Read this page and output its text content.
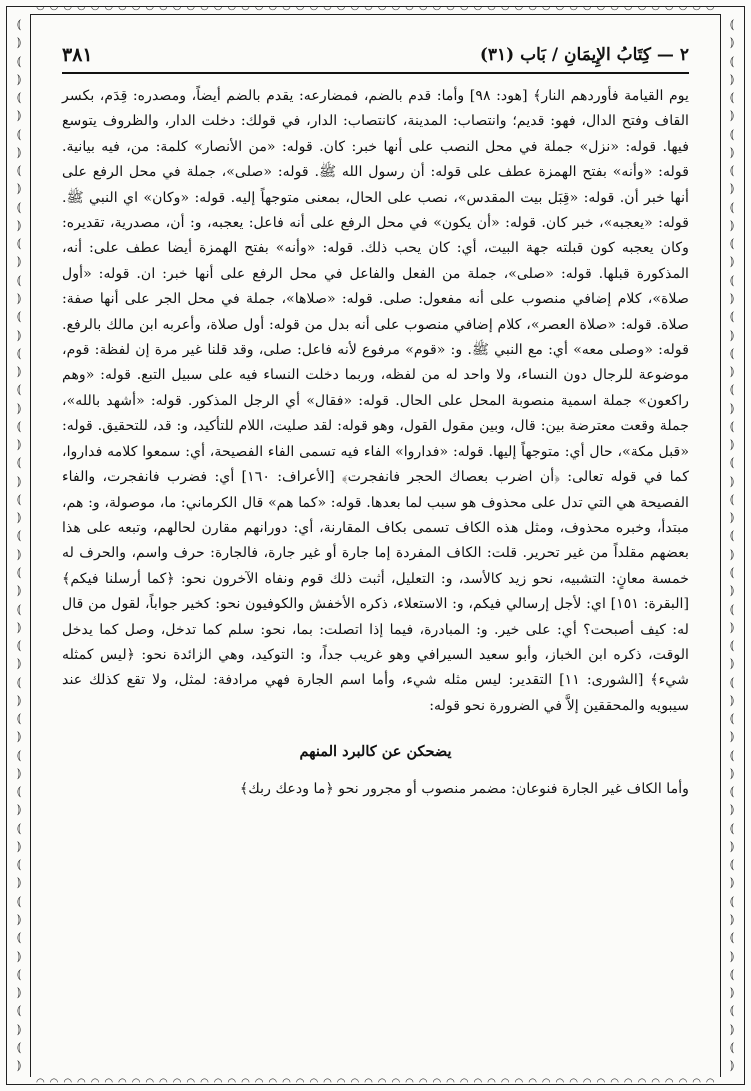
⦅
⦆
⦅
⦆
⦅
⦆
⦅
⦆
⦅
⦆
⦅
⦆
⦅
⦆
⦅
⦆
⦅
⦆
⦅
⦆
⦅
⦆
⦅
⦆
⦅
⦆
⦅
⦆
⦅
⦆
⦅
⦆
⦅
⦆
⦅
⦆
⦅
⦆
⦅
⦆
⦅
⦆
⦅
⦆
⦅
⦆
⦅
⦆
⦅
⦆
⦅
⦆
⦅
⦆
⦅
⦆
⦅
⦆
⦅
⦆
⦅
⦆
⦅
⦆
⦅
⦆
⦅
⦆
⦅
⦆
⦅
⦆
⦅
⦆
⦅
⦆
⦅
⦆
⦅
⦆
⦅
⦆
⦅
⦆
⦅
⦆
⦅
⦆
⦅
⦆
⦅
⦆
⦅
⦆
⦅
⦆
⦅
⦆
⦅
⦆
⦅
⦆
⦅
⦆
⦅
⦆
⦅
⦆
⦅
⦆
⦅
⦆
⦅
⦆
⦅
⦆
◡ ◡ ◡ ◡ ◡ ◡ ◡ ◡ ◡ ◡ ◡ ◡ ◡ ◡ ◡ ◡ ◡ ◡ ◡ ◡ ◡ ◡ ◡ ◡ ◡ ◡ ◡ ◡ ◡ ◡ ◡ ◡ ◡ ◡ ◡ ◡ ◡ ◡ ◡ ◡ ◡ ◡ ◡ ◡ ◡ ◡ ◡ ◡ ◡ ◡
◠ ◠ ◠ ◠ ◠ ◠ ◠ ◠ ◠ ◠ ◠ ◠ ◠ ◠ ◠ ◠ ◠ ◠ ◠ ◠ ◠ ◠ ◠ ◠ ◠ ◠ ◠ ◠ ◠ ◠ ◠ ◠ ◠ ◠ ◠ ◠ ◠ ◠ ◠ ◠ ◠ ◠ ◠ ◠ ◠ ◠ ◠ ◠ ◠ ◠
٣٨١	٢ — كِتَابُ الإِيمَانِ / بَاب (٣١)

يوم القيامة فأوردهم النار﴾ [هود: ٩٨] وأما: قدم بالضم، فمضارعه: يقدم بالضم أيضاً، ومصدره: قِدَم، بكسر القاف وفتح الدال، فهو: قديم؛ وانتصاب: المدينة، كانتصاب: الدار، في قولك: دخلت الدار، والظروف يتوسع فيها. قوله: «نزل» جملة في محل النصب على أنها خبر: كان. قوله: «من الأنصار» كلمة: من، فيه بيانية. قوله: «وأنه» بفتح الهمزة عطف على قوله: أن رسول الله ﷺ. قوله: «صلى»، جملة في محل الرفع على أنها خبر أن. قوله: «قِبَل بيت المقدس»، نصب على الحال، بمعنى متوجهاً إليه. قوله: «وكان» اي النبي ﷺ. قوله: «يعجبه»، خبر كان. قوله: «أن يكون» في محل الرفع على أنه فاعل: يعجبه، و: أن، مصدرية، تقديره: وكان يعجبه كون قبلته جهة البيت، أي: كان يحب ذلك. قوله: «وأنه» بفتح الهمزة أيضا عطف على: أنه، المذكورة قبلها. قوله: «صلى»، جملة من الفعل والفاعل في محل الرفع على أنها خبر: ان. قوله: «أول صلاة»، كلام إضافي منصوب على أنه مفعول: صلى. قوله: «صلاها»، جملة في محل الجر على أنها صفة: صلاة. قوله: «صلاة العصر»، كلام إضافي منصوب على أنه بدل من قوله: أول صلاة، وأعربه ابن مالك بالرفع. قوله: «وصلى معه» أي: مع النبي ﷺ. و: «قوم» مرفوع لأنه فاعل: صلى، وقد قلنا غير مرة إن لفظة: قوم، موضوعة للرجال دون النساء، ولا واحد له من لفظه، وربما دخلت النساء فيه على سبيل التبع. قوله: «وهم راكعون» جملة اسمية منصوبة المحل على الحال. قوله: «فقال» أي الرجل المذكور. قوله: «أشهد بالله»، جملة وقعت معترضة بين: قال، وبين مقول القول، وهو قوله: لقد صليت، اللام للتأكيد، و: قد، للتحقيق. قوله: «قبل مكة»، حال أي: متوجهاً إليها. قوله: «فداروا» الفاء فيه تسمى الفاء الفصيحة، أي: سمعوا كلامه فداروا، كما في قوله تعالى: ﴿أن اضرب بعصاك الحجر فانفجرت﴾ [الأعراف: ١٦٠] أي: فضرب فانفجرت، والفاء الفصيحة هي التي تدل على محذوف هو سبب لما بعدها. قوله: «كما هم» قال الكرماني: ما، موصولة، و: هم، مبتدأ، وخبره محذوف، ومثل هذه الكاف تسمى بكاف المقارنة، أي: دورانهم مقارن لحالهم، وتبعه على هذا بعضهم مقلداً من غير تحرير. قلت: الكاف المفردة إما جارة أو غير جارة، فالجارة: حرف واسم، والحرف له خمسة معانٍ: التشبيه، نحو زيد كالأسد، و: التعليل، أثبت ذلك قوم ونفاه الآخرون نحو: ﴿كما أرسلنا فيكم﴾ [البقرة: ١٥١] اي: لأجل إرسالي فيكم، و: الاستعلاء، ذكره الأخفش والكوفيون نحو: كخير جواباً، لقول من قال له: كيف أصبحت؟ أي: على خير. و: المبادرة، فيما إذا اتصلت: بما، نحو: سلم كما تدخل، وصل كما يدخل الوقت، ذكره ابن الخباز، وأبو سعيد السيرافي وهو غريب جداً، و: التوكيد، وهي الزائدة نحو: ﴿ليس كمثله شيء﴾ [الشورى: ١١] التقدير: ليس مثله شيء، وأما اسم الجارة فهي مرادفة: لمثل، ولا تقع كذلك عند سيبويه والمحققين إلاَّ في الضرورة نحو قوله:

يضحكن عن كالبرد المنهم

وأما الكاف غير الجارة فنوعان: مضمر منصوب أو مجرور نحو ﴿ما ودعك ربك﴾
